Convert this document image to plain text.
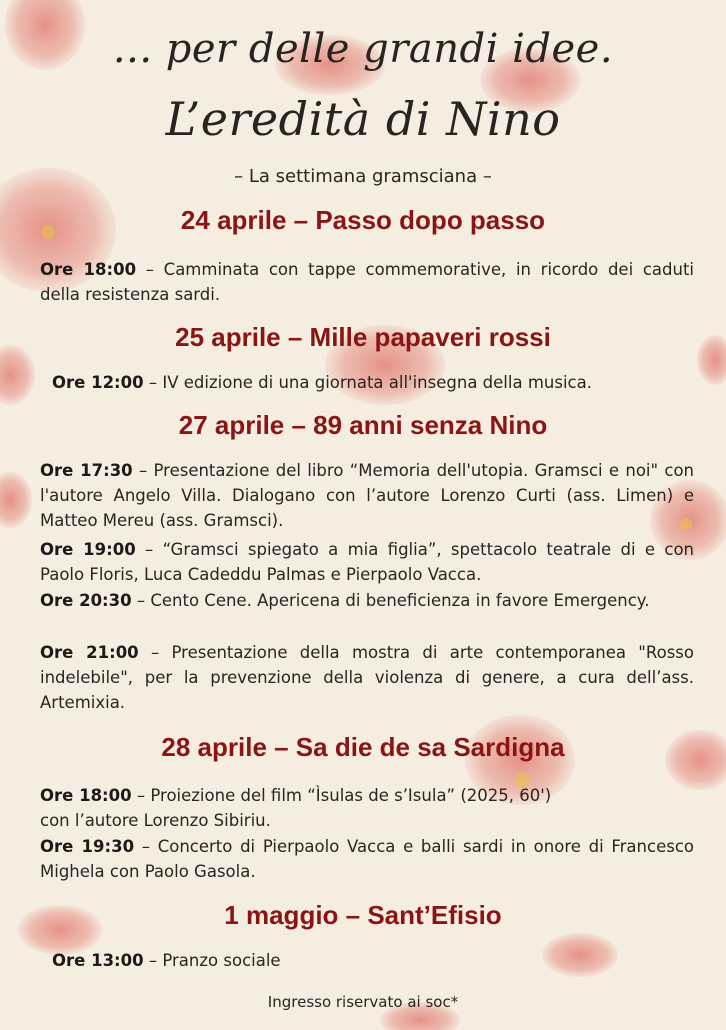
... per delle grandi idee.
L’eredità di Nino
– La settimana gramsciana –
24 aprile – Passo dopo passo
Ore 18:00 – Camminata con tappe commemorative, in ricordo dei caduti della resistenza sardi.
25 aprile – Mille papaveri rossi
Ore 12:00 – IV edizione di una giornata all'insegna della musica.
27 aprile – 89 anni senza Nino
Ore 17:30 – Presentazione del libro “Memoria dell'utopia. Gramsci e noi" con l'autore Angelo Villa. Dialogano con l’autore Lorenzo Curti (ass. Limen) e Matteo Mereu (ass. Gramsci).
Ore 19:00 – “Gramsci spiegato a mia figlia”, spettacolo teatrale di e con Paolo Floris, Luca Cadeddu Palmas e Pierpaolo Vacca.
Ore 20:30 – Cento Cene. Apericena di beneficienza in favore Emergency.
Ore 21:00 – Presentazione della mostra di arte contemporanea "Rosso indelebile", per la prevenzione della violenza di genere, a cura dell’ass. Artemixia.
28 aprile – Sa die de sa Sardigna
Ore 18:00 – Proiezione del film “Ìsulas de s’Isula” (2025, 60')
con l’autore Lorenzo Sibiriu.
Ore 19:30 – Concerto di Pierpaolo Vacca e balli sardi in onore di Francesco Mighela con Paolo Gasola.
1 maggio – Sant’Efisio
Ore 13:00 – Pranzo sociale
Ingresso riservato ai soc*
